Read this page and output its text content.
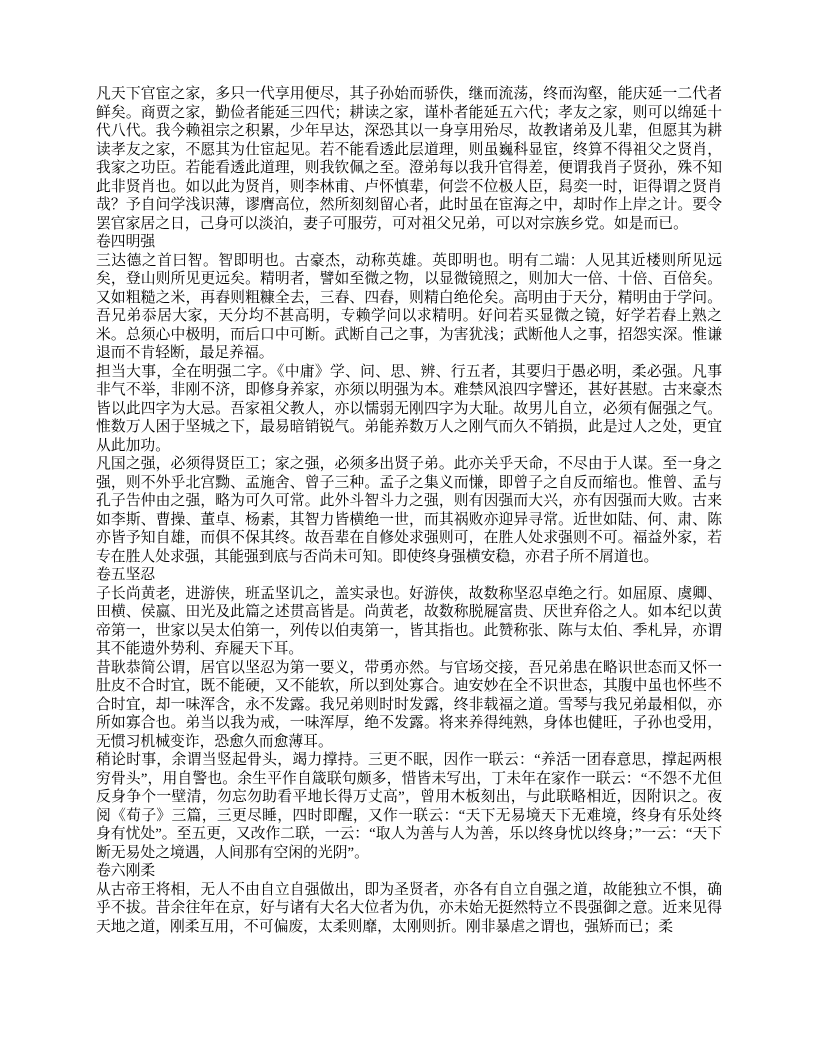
凡天下官宦之家，多只一代享用便尽，其子孙始而骄佚，继而流荡，终而沟壑，能庆延一二代者鲜矣。商贾之家，勤俭者能延三四代；耕读之家，谨朴者能延五六代；孝友之家，则可以绵延十代八代。我今赖祖宗之积累，少年早达，深恐其以一身享用殆尽，故教诸弟及儿辈，但愿其为耕读孝友之家，不愿其为仕宦起见。若不能看透此层道理，则虽巍科显宦，终算不得祖父之贤肖，我家之功臣。若能看透此道理，则我钦佩之至。澄弟每以我升官得差，便谓我肖子贤孙，殊不知此非贤肖也。如以此为贤肖，则李林甫、卢怀慎辈，何尝不位极人臣，舄奕一时，讵得谓之贤肖哉？予自问学浅识薄，谬膺高位，然所刻刻留心者，此时虽在宦海之中，却时作上岸之计。要令罢官家居之日，己身可以淡泊，妻子可服劳，可对祖父兄弟，可以对宗族乡党。如是而已。

卷四明强

三达德之首曰智。智即明也。古豪杰，动称英雄。英即明也。明有二端：人见其近楼则所见远矣，登山则所见更远矣。精明者，譬如至微之物，以显微镜照之，则加大一倍、十倍、百倍矣。又如粗糙之米，再舂则粗糠全去，三舂、四舂，则精白绝伦矣。高明由于天分，精明由于学问。吾兄弟忝居大家，天分均不甚高明，专赖学问以求精明。好问若买显微之镜，好学若舂上熟之米。总须心中极明，而后口中可断。武断自己之事，为害犹浅；武断他人之事，招怨实深。惟谦退而不肯轻断，最足养福。

担当大事，全在明强二字。《中庸》学、问、思、辨、行五者，其要归于愚必明，柔必强。凡事非气不举，非刚不济，即修身养家，亦须以明强为本。难禁风浪四字譬还，甚好甚慰。古来豪杰皆以此四字为大忌。吾家祖父教人，亦以懦弱无刚四字为大耻。故男儿自立，必须有倔强之气。惟数万人困于坚城之下，最易暗销锐气。弟能养数万人之刚气而久不销损，此是过人之处，更宜从此加功。

凡国之强，必须得贤臣工；家之强，必须多出贤子弟。此亦关乎天命，不尽由于人谋。至一身之强，则不外乎北宫黝、孟施舍、曾子三种。孟子之集义而慊，即曾子之自反而缩也。惟曾、孟与孔子告仲由之强，略为可久可常。此外斗智斗力之强，则有因强而大兴，亦有因强而大败。古来如李斯、曹操、董卓、杨素，其智力皆横绝一世，而其祸败亦迎异寻常。近世如陆、何、肃、陈亦皆予知自雄，而俱不保其终。故吾辈在自修处求强则可，在胜人处求强则不可。福益外家，若专在胜人处求强，其能强到底与否尚未可知。即使终身强横安稳，亦君子所不屑道也。

卷五坚忍

子长尚黄老，进游侠，班孟坚讥之，盖实录也。好游侠，故数称坚忍卓绝之行。如屈原、虞卿、田横、侯嬴、田光及此篇之述贯高皆是。尚黄老，故数称脱屣富贵、厌世弃俗之人。如本纪以黄帝第一，世家以吴太伯第一，列传以伯夷第一，皆其指也。此赞称张、陈与太伯、季札异，亦谓其不能遗外势利、弃屣天下耳。

昔耿恭简公谓，居官以坚忍为第一要义，带勇亦然。与官场交接，吾兄弟患在略识世态而又怀一肚皮不合时宜，既不能硬，又不能软，所以到处寡合。迪安妙在全不识世态，其腹中虽也怀些不合时宜，却一味浑含，永不发露。我兄弟则时时发露，终非载福之道。雪琴与我兄弟最相似，亦所如寡合也。弟当以我为戒，一味浑厚，绝不发露。将来养得纯熟，身体也健旺，子孙也受用，无惯习机械变诈，恐愈久而愈薄耳。

稍论时事，余谓当竖起骨头，竭力撑持。三更不眠，因作一联云：“养活一团春意思，撑起两根穷骨头”，用自警也。余生平作自箴联句颇多，惜皆未写出，丁未年在家作一联云：“不怨不尤但反身争个一壁清，勿忘勿助看平地长得万丈高”，曾用木板刻出，与此联略相近，因附识之。夜阅《荀子》三篇，三更尽睡，四时即醒，又作一联云：“天下无易境天下无难境，终身有乐处终身有忧处”。至五更，又改作二联，一云：“取人为善与人为善，乐以终身忧以终身；”一云：“天下断无易处之境遇，人间那有空闲的光阴”。

卷六刚柔

从古帝王将相，无人不由自立自强做出，即为圣贤者，亦各有自立自强之道，故能独立不惧，确乎不拔。昔余往年在京，好与诸有大名大位者为仇，亦未始无挺然特立不畏强御之意。近来见得天地之道，刚柔互用，不可偏废，太柔则靡，太刚则折。刚非暴虐之谓也，强矫而已；柔
